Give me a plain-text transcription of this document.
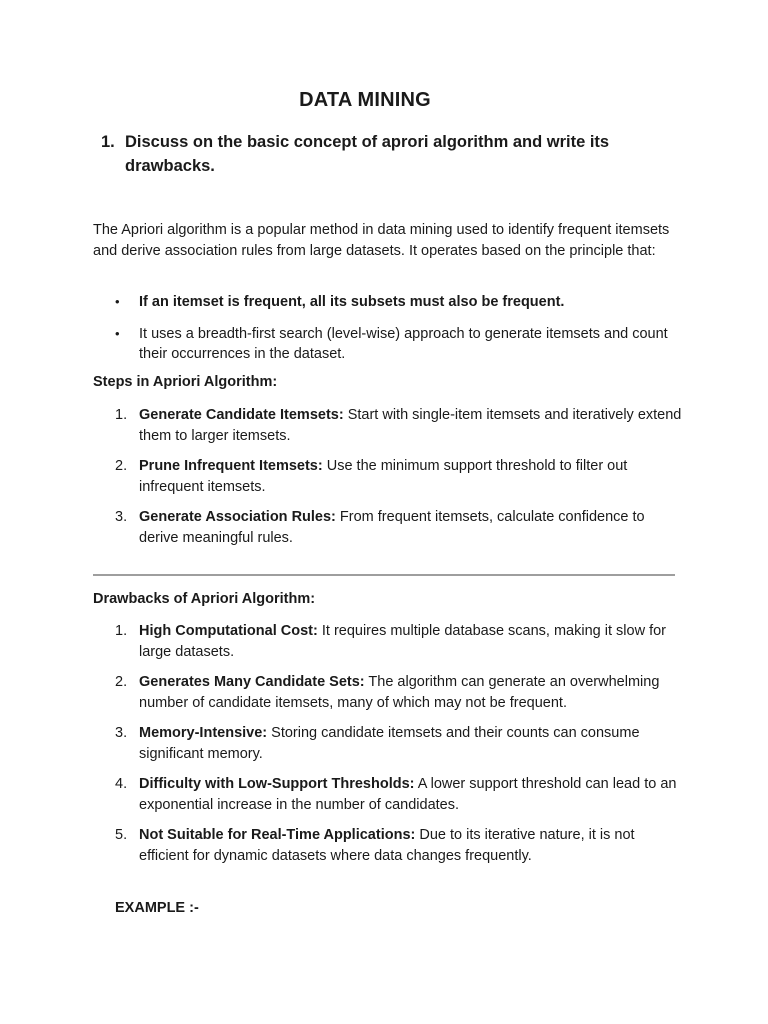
DATA MINING
1. Discuss on the basic concept of aprori algorithm and write its drawbacks.
The Apriori algorithm is a popular method in data mining used to identify frequent itemsets and derive association rules from large datasets. It operates based on the principle that:
• If an itemset is frequent, all its subsets must also be frequent.
• It uses a breadth-first search (level-wise) approach to generate itemsets and count their occurrences in the dataset.
Steps in Apriori Algorithm:
1. Generate Candidate Itemsets: Start with single-item itemsets and iteratively extend them to larger itemsets.
2. Prune Infrequent Itemsets: Use the minimum support threshold to filter out infrequent itemsets.
3. Generate Association Rules: From frequent itemsets, calculate confidence to derive meaningful rules.
Drawbacks of Apriori Algorithm:
1. High Computational Cost: It requires multiple database scans, making it slow for large datasets.
2. Generates Many Candidate Sets: The algorithm can generate an overwhelming number of candidate itemsets, many of which may not be frequent.
3. Memory-Intensive: Storing candidate itemsets and their counts can consume significant memory.
4. Difficulty with Low-Support Thresholds: A lower support threshold can lead to an exponential increase in the number of candidates.
5. Not Suitable for Real-Time Applications: Due to its iterative nature, it is not efficient for dynamic datasets where data changes frequently.
EXAMPLE :-
